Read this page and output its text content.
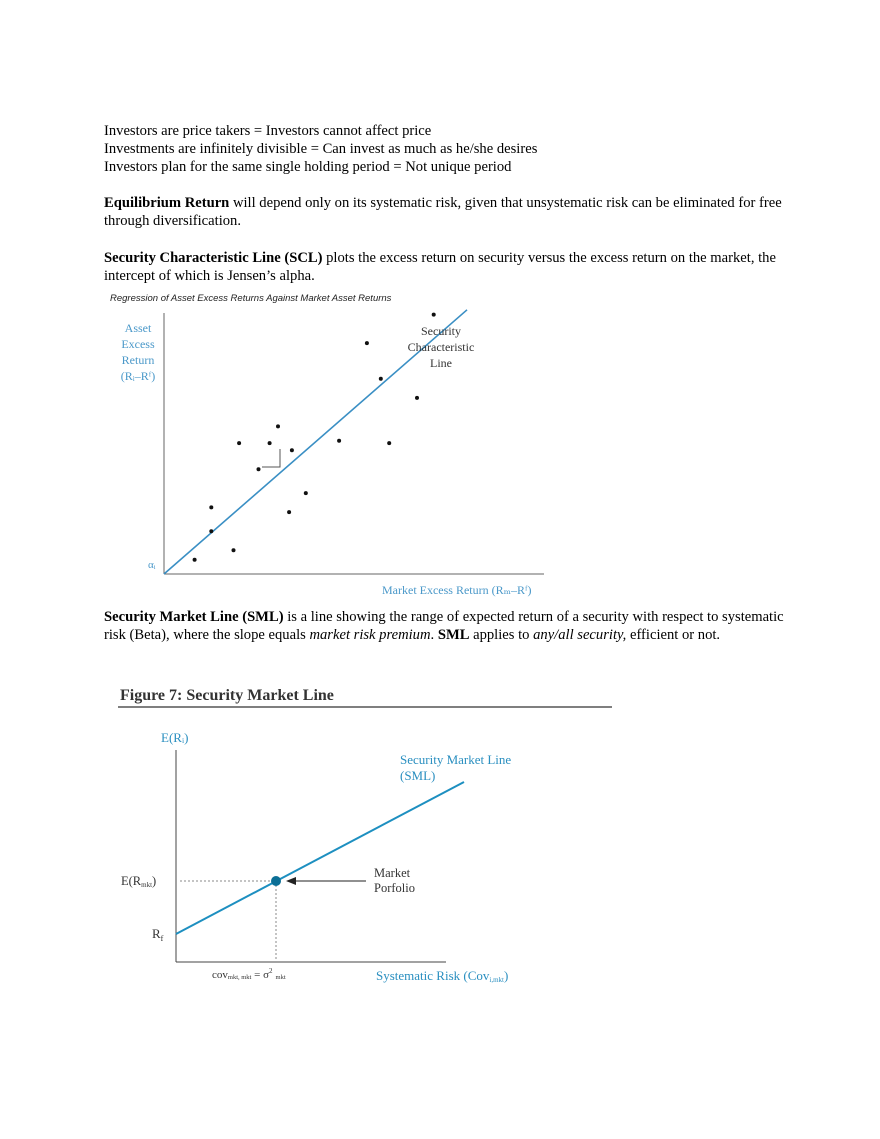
Investors are price takers = Investors cannot affect price

Investments are infinitely divisible = Can invest as much as he/she desires

Investors plan for the same single holding period = Not unique period

Equilibrium Return will depend only on its systematic risk, given that unsystematic risk can be eliminated for free through diversification.

Security Characteristic Line (SCL) plots the excess return on security versus the excess return on the market, the intercept of which is Jensen’s alpha.

Regression of Asset Excess Returns Against Market Asset Returns
Asset
Excess
Return
(Rᵢ–Rᶠ)
αᵢ
Security
Characteristic
Line
Market Excess Return (Rₘ–Rᶠ)

Security Market Line (SML) is a line showing the range of expected return of a security with respect to systematic risk (Beta), where the slope equals market risk premium. SML applies to any/all security, efficient or not.

Figure 7: Security Market Line
E(Rᵢ)
Market
Porfolio
Security Market Line
(SML)
E(Rmkt)
$R_f$
covmkt, mkt = $\sigma^2_{mkt}$	Systematic Risk (Covi,mkt)
